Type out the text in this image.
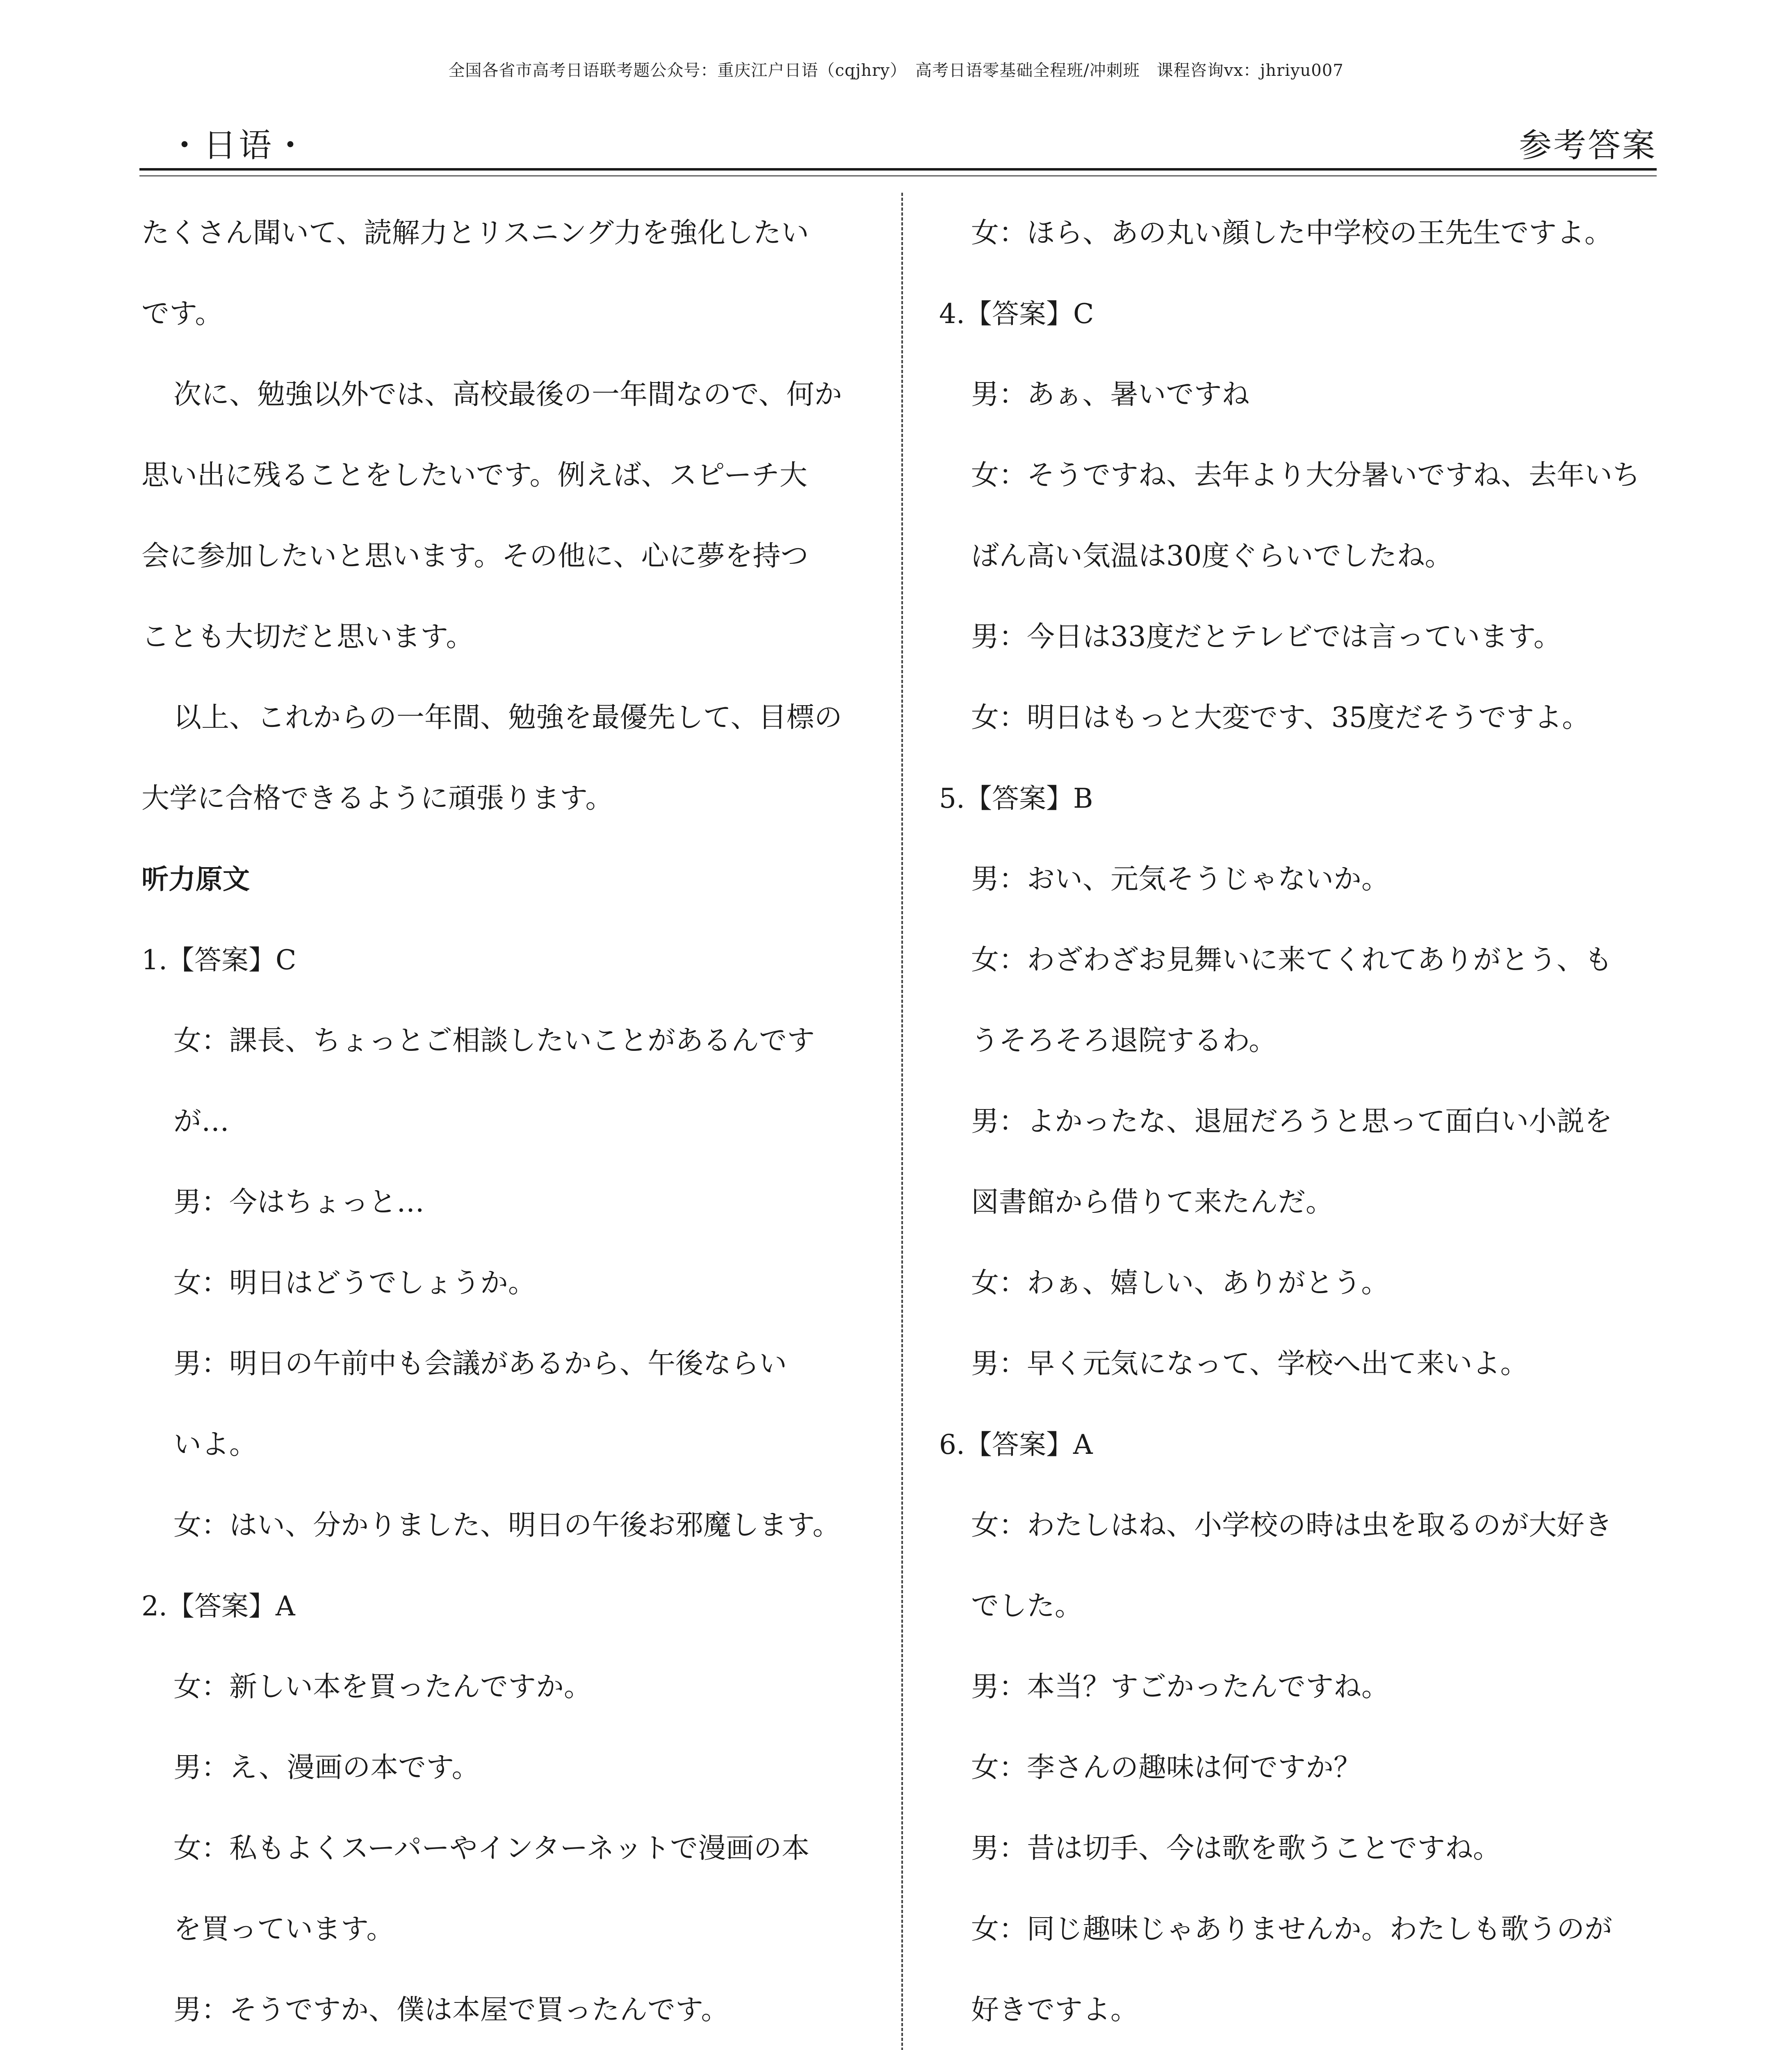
全国各省市高考日语联考题公众号：重庆江户日语（cqjhry）　高考日语零基础全程班/冲刺班　课程咨询vx：jhriyu007
・日语・	参考答案
たくさん聞いて、読解力とリスニング力を強化したい
です。
次に、勉強以外では、高校最後の一年間なので、何か
思い出に残ることをしたいです。例えば、スピーチ大
会に参加したいと思います。その他に、心に夢を持つ
ことも大切だと思います。
以上、これからの一年間、勉強を最優先して、目標の
大学に合格できるように頑張ります。
听力原文
1.【答案】C
女：課長、ちょっとご相談したいことがあるんです
が…
男：今はちょっと…
女：明日はどうでしょうか。
男：明日の午前中も会議があるから、午後ならい
いよ。
女：はい、分かりました、明日の午後お邪魔します。
2.【答案】A
女：新しい本を買ったんですか。
男：え、漫画の本です。
女：私もよくスーパーやインターネットで漫画の本
を買っています。
男：そうですか、僕は本屋で買ったんです。
女：ほら、あの丸い顔した中学校の王先生ですよ。
4.【答案】C
男：あぁ、暑いですね
女：そうですね、去年より大分暑いですね、去年いち
ばん高い気温は30度ぐらいでしたね。
男：今日は33度だとテレビでは言っています。
女：明日はもっと大変です、35度だそうですよ。
5.【答案】B
男：おい、元気そうじゃないか。
女：わざわざお見舞いに来てくれてありがとう、も
うそろそろ退院するわ。
男：よかったな、退屈だろうと思って面白い小説を
図書館から借りて来たんだ。
女：わぁ、嬉しい、ありがとう。
男：早く元気になって、学校へ出て来いよ。
6.【答案】A
女：わたしはね、小学校の時は虫を取るのが大好き
でした。
男：本当？すごかったんですね。
女：李さんの趣味は何ですか？
男：昔は切手、今は歌を歌うことですね。
女：同じ趣味じゃありませんか。わたしも歌うのが
好きですよ。
